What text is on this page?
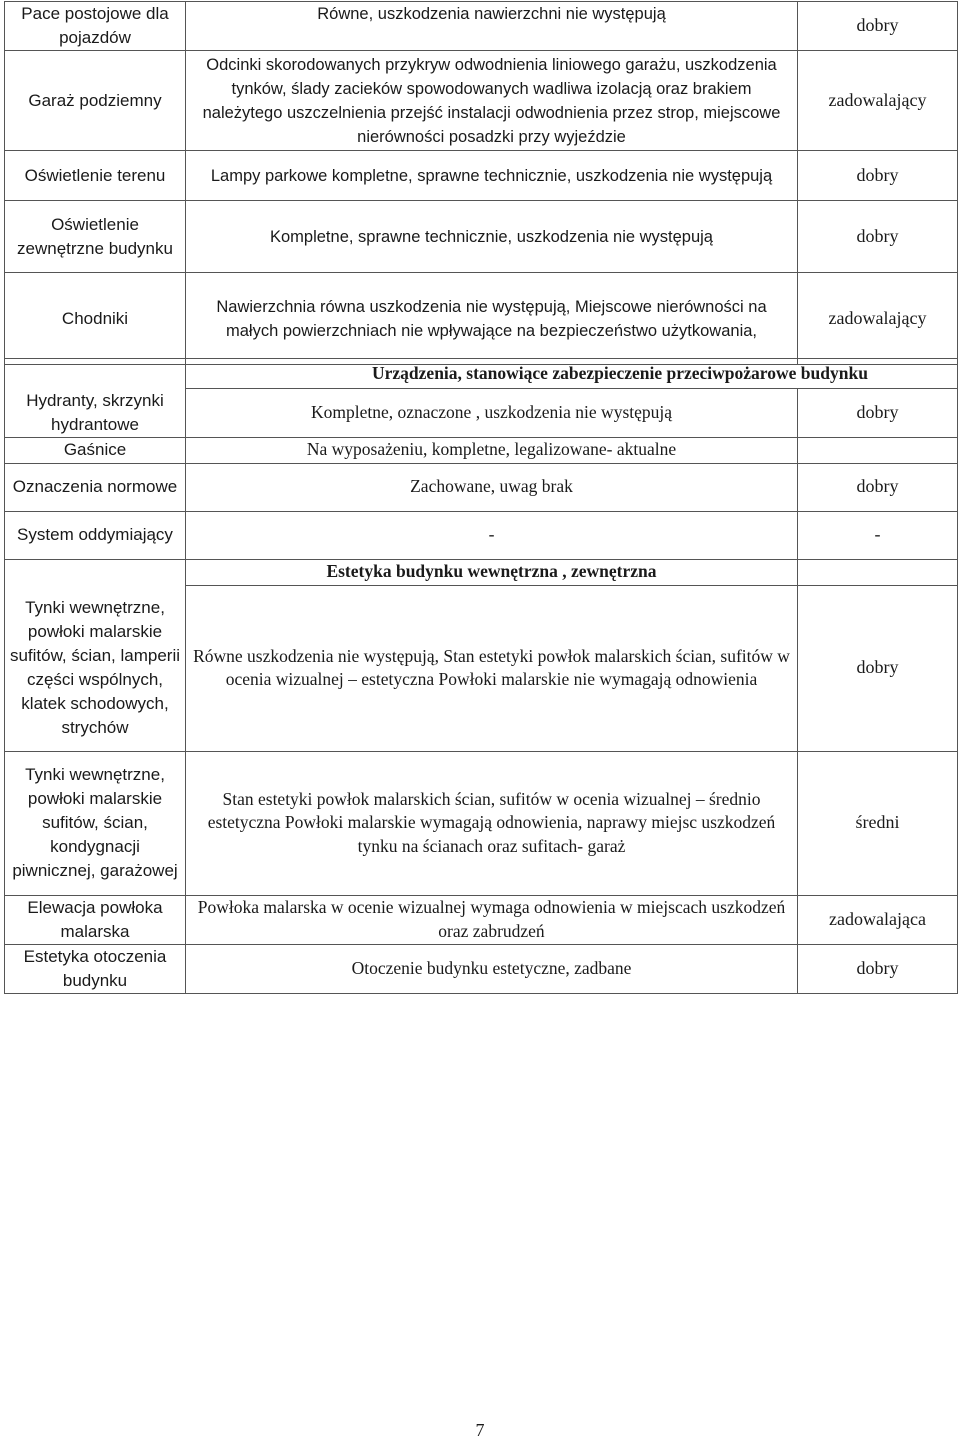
Pace postojowe dla pojazdów	Równe, uszkodzenia nawierzchni nie występują	dobry
Garaż podziemny	Odcinki skorodowanych przykryw odwodnienia liniowego garażu, uszkodzenia tynków, ślady zacieków spowodowanych wadliwa izolacją oraz brakiem należytego uszczelnienia przejść instalacji odwodnienia przez strop, miejscowe nierówności posadzki przy wyjeździe	zadowalający
Oświetlenie terenu	Lampy parkowe kompletne, sprawne technicznie, uszkodzenia nie występują	dobry
Oświetlenie zewnętrzne budynku	Kompletne, sprawne technicznie, uszkodzenia nie występują	dobry
Chodniki	Nawierzchnia równa uszkodzenia nie występują, Miejscowe nierówności na małych powierzchniach nie wpływające na bezpieczeństwo użytkowania,	zadowalający
	Urządzenia, stanowiące zabezpieczenie przeciwpożarowe budynku	
Hydranty, skrzynki hydrantowe	Kompletne, oznaczone , uszkodzenia nie występują	dobry
Gaśnice	Na wyposażeniu, kompletne, legalizowane- aktualne	
Oznaczenia normowe	Zachowane, uwag brak	dobry
System oddymiający	-	-
	Estetyka budynku wewnętrzna , zewnętrzna	
Tynki wewnętrzne, powłoki malarskie sufitów, ścian, lamperii części wspólnych, klatek schodowych, strychów	Równe uszkodzenia nie występują, Stan estetyki powłok malarskich ścian, sufitów w ocenia wizualnej – estetyczna Powłoki malarskie nie wymagają odnowienia	dobry
Tynki wewnętrzne, powłoki malarskie sufitów, ścian, kondygnacji piwnicznej, garażowej	Stan estetyki powłok malarskich ścian, sufitów w ocenia wizualnej – średnio estetyczna Powłoki malarskie wymagają odnowienia, naprawy miejsc uszkodzeń tynku na ścianach oraz sufitach- garaż	średni
Elewacja powłoka malarska	Powłoka malarska w ocenie wizualnej wymaga odnowienia w miejscach uszkodzeń oraz zabrudzeń	zadowalająca
Estetyka otoczenia budynku	Otoczenie budynku estetyczne, zadbane	dobry
7
